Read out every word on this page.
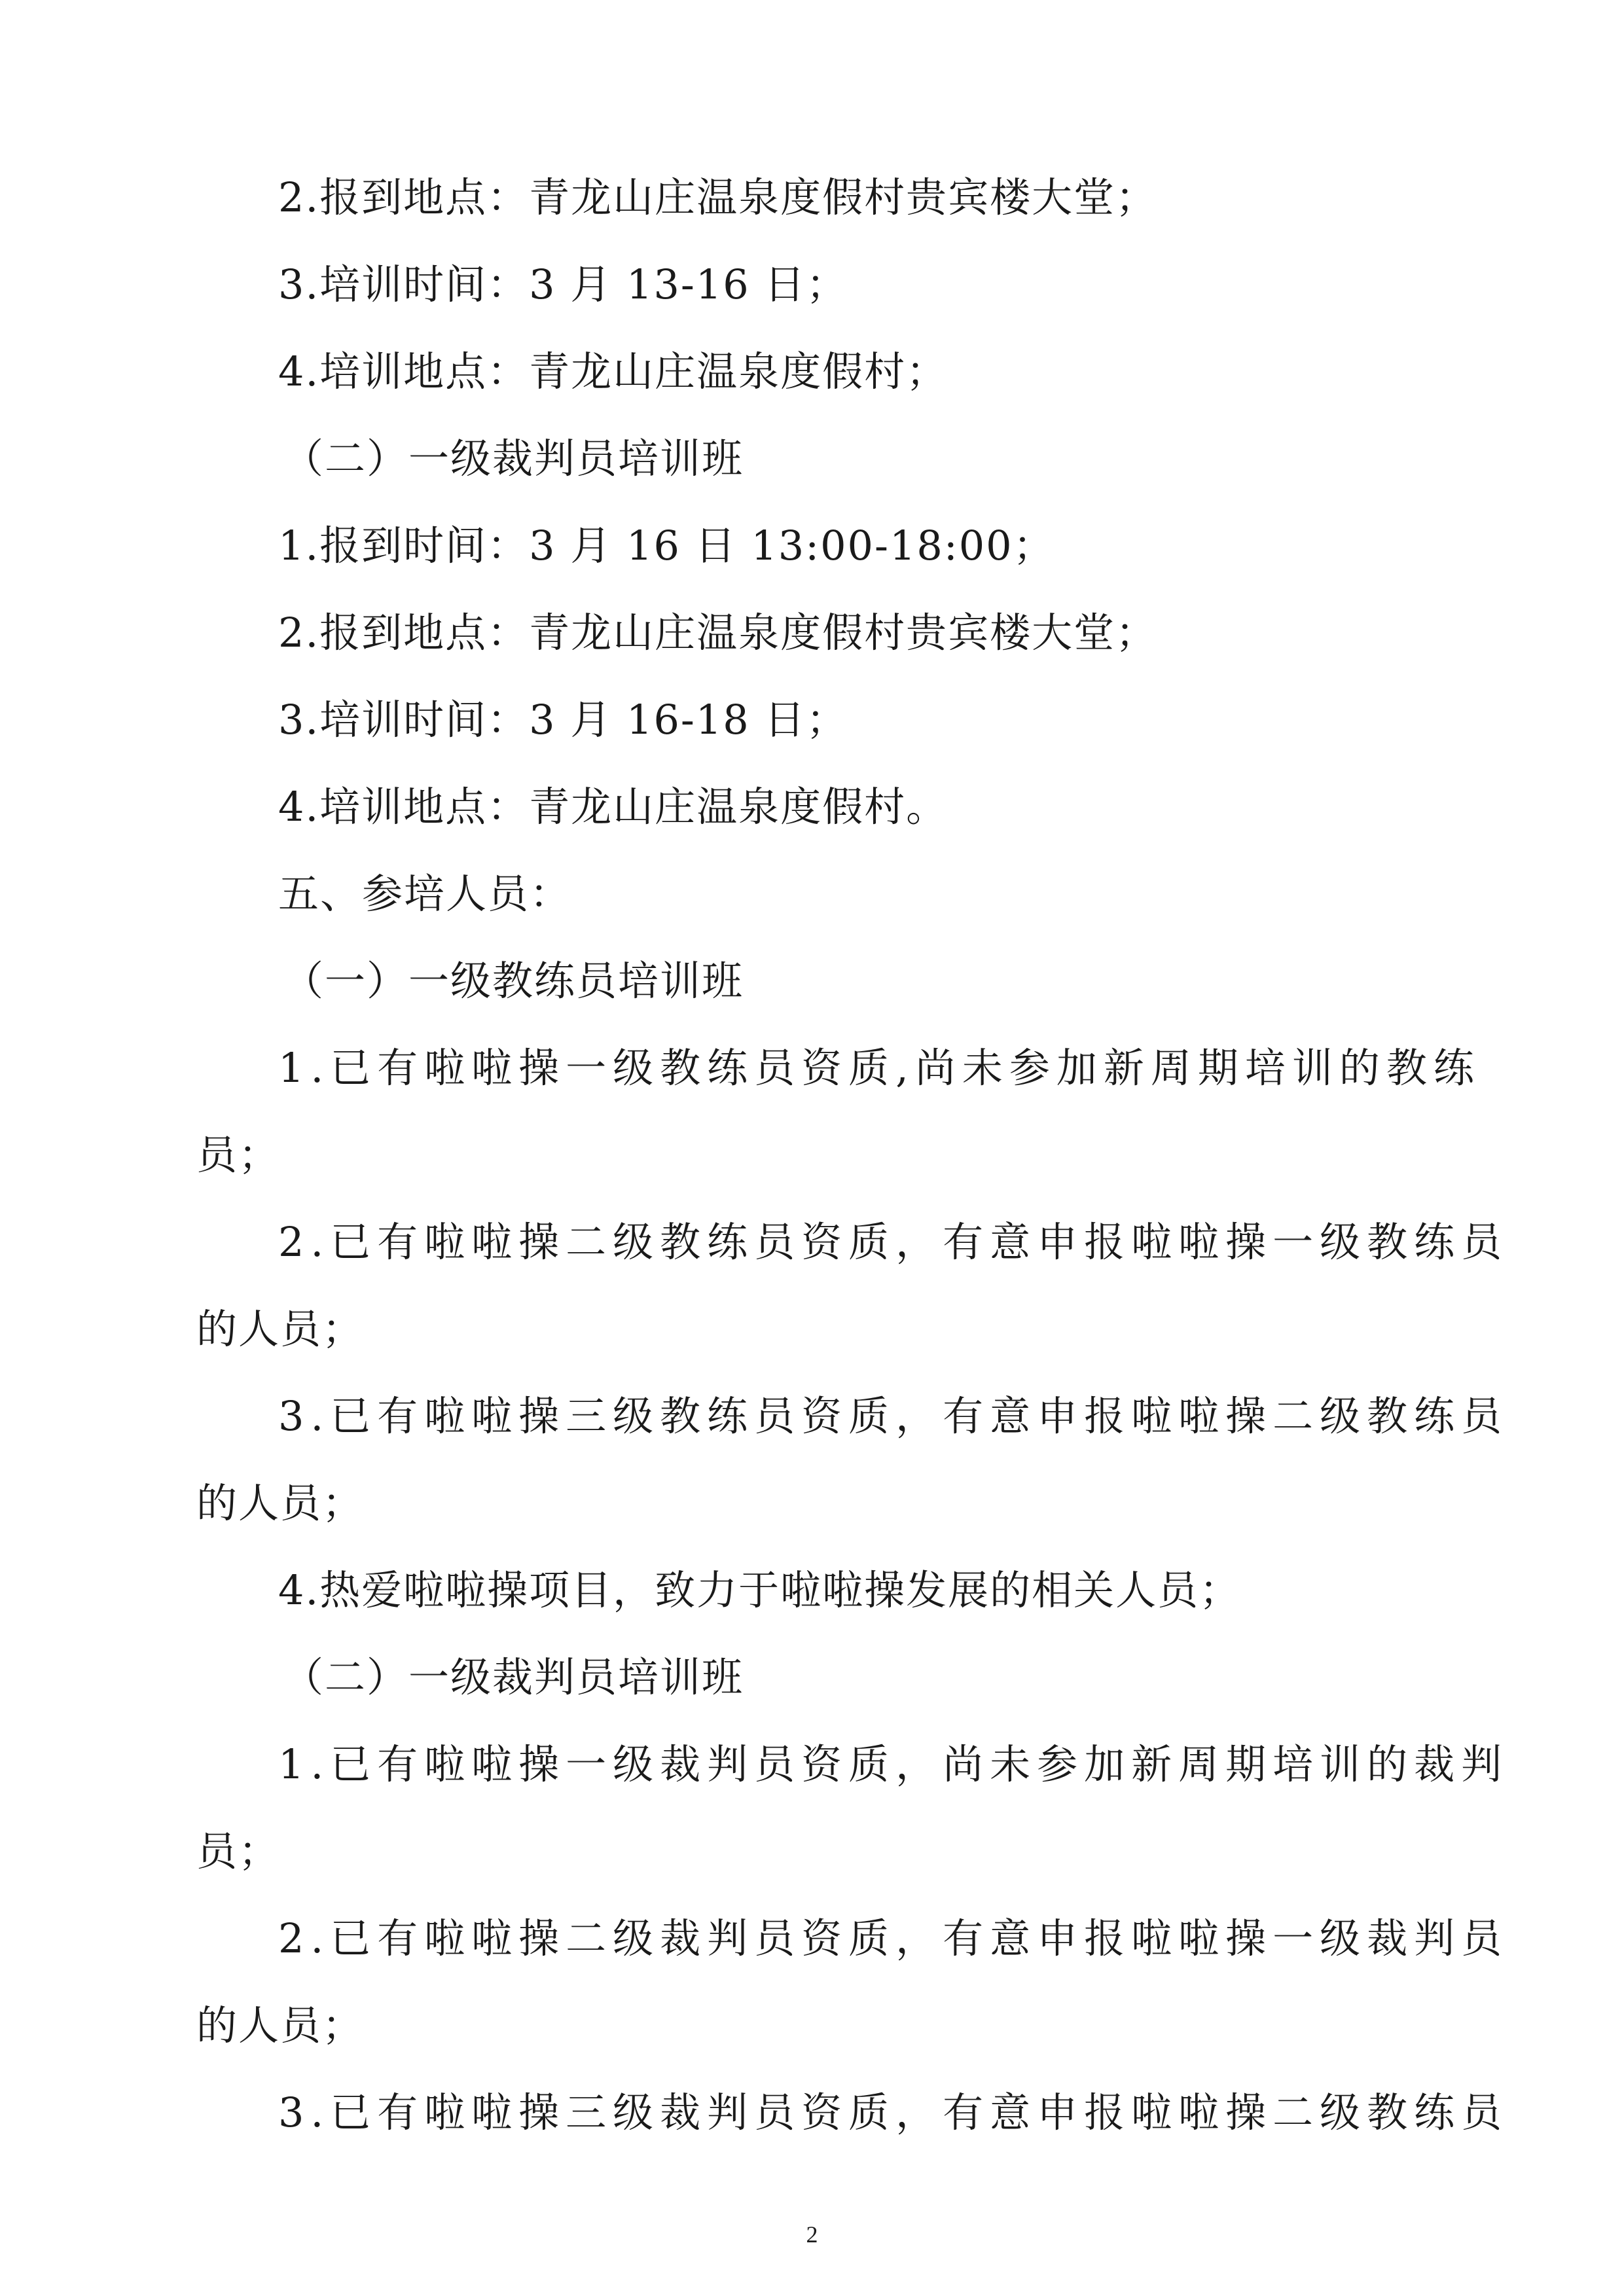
2.报到地点：青龙山庄温泉度假村贵宾楼大堂；
3.培训时间：3 月 13-16 日；
4.培训地点：青龙山庄温泉度假村；
（二）一级裁判员培训班
1.报到时间：3 月 16 日 13:00-18:00；
2.报到地点：青龙山庄温泉度假村贵宾楼大堂；
3.培训时间：3 月 16-18 日；
4.培训地点：青龙山庄温泉度假村。
五、参培人员：
（一）一级教练员培训班
1.已有啦啦操一级教练员资质,尚未参加新周期培训的教练
员；
2.已有啦啦操二级教练员资质，有意申报啦啦操一级教练员
的人员；
3.已有啦啦操三级教练员资质，有意申报啦啦操二级教练员
的人员；
4.热爱啦啦操项目，致力于啦啦操发展的相关人员；
（二）一级裁判员培训班
1.已有啦啦操一级裁判员资质，尚未参加新周期培训的裁判
员；
2.已有啦啦操二级裁判员资质，有意申报啦啦操一级裁判员
的人员；
3.已有啦啦操三级裁判员资质，有意申报啦啦操二级教练员
2
